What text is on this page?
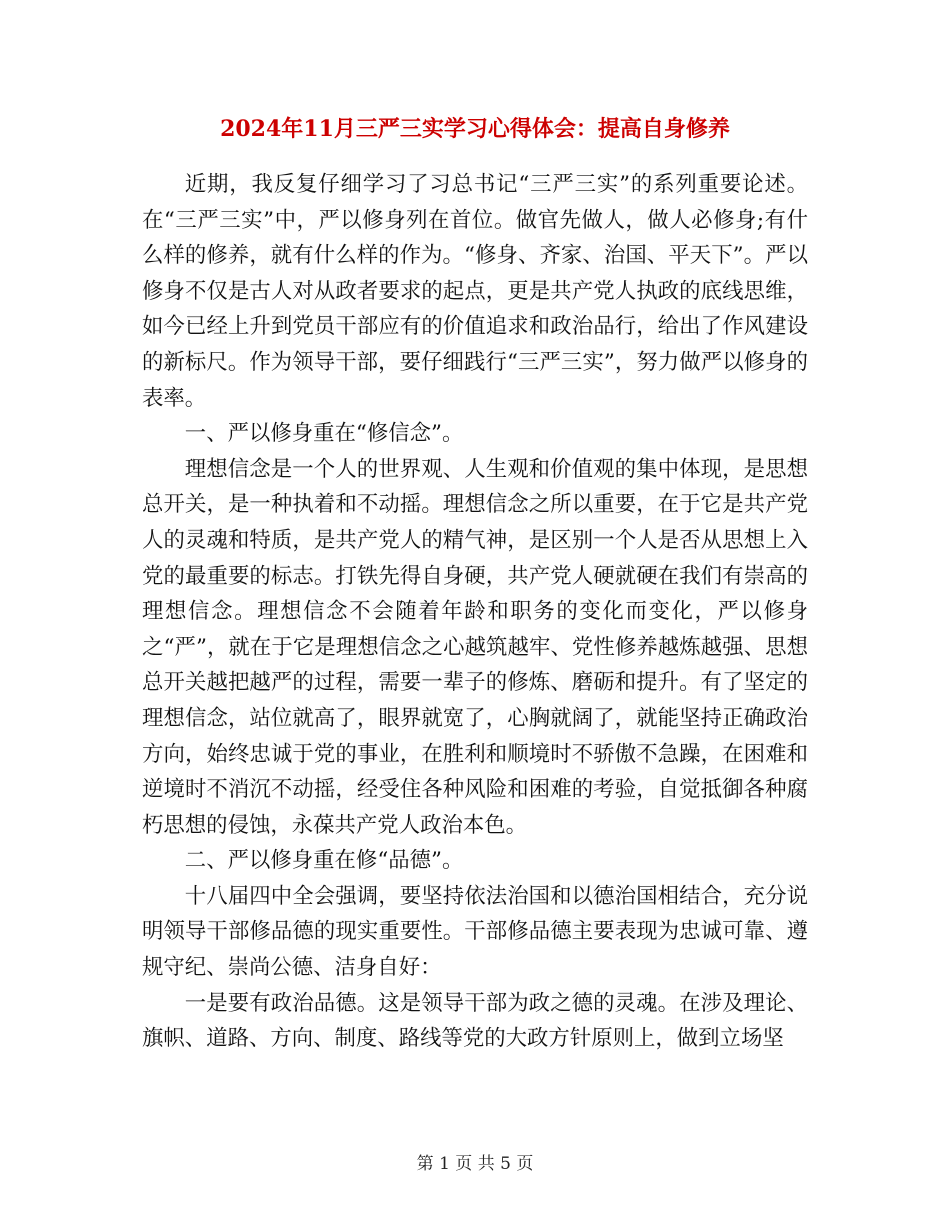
2024年11月三严三实学习心得体会：提高自身修养

近期，我反复仔细学习了习总书记“三严三实”的系列重要论述。在“三严三实”中，严以修身列在首位。做官先做人，做人必修身;有什么样的修养，就有什么样的作为。“修身、齐家、治国、平天下”。严以修身不仅是古人对从政者要求的起点，更是共产党人执政的底线思维，如今已经上升到党员干部应有的价值追求和政治品行，给出了作风建设的新标尺。作为领导干部，要仔细践行“三严三实”，努力做严以修身的表率。

一、严以修身重在“修信念”。

理想信念是一个人的世界观、人生观和价值观的集中体现，是思想总开关，是一种执着和不动摇。理想信念之所以重要，在于它是共产党人的灵魂和特质，是共产党人的精气神，是区别一个人是否从思想上入党的最重要的标志。打铁先得自身硬，共产党人硬就硬在我们有崇高的理想信念。理想信念不会随着年龄和职务的变化而变化，严以修身之“严”，就在于它是理想信念之心越筑越牢、党性修养越炼越强、思想总开关越把越严的过程，需要一辈子的修炼、磨砺和提升。有了坚定的理想信念，站位就高了，眼界就宽了，心胸就阔了，就能坚持正确政治方向，始终忠诚于党的事业，在胜利和顺境时不骄傲不急躁，在困难和逆境时不消沉不动摇，经受住各种风险和困难的考验，自觉抵御各种腐朽思想的侵蚀，永葆共产党人政治本色。

二、严以修身重在修“品德”。

十八届四中全会强调，要坚持依法治国和以德治国相结合，充分说明领导干部修品德的现实重要性。干部修品德主要表现为忠诚可靠、遵规守纪、崇尚公德、洁身自好：

一是要有政治品德。这是领导干部为政之德的灵魂。在涉及理论、旗帜、道路、方向、制度、路线等党的大政方针原则上，做到立场坚

第 1 页 共 5 页
